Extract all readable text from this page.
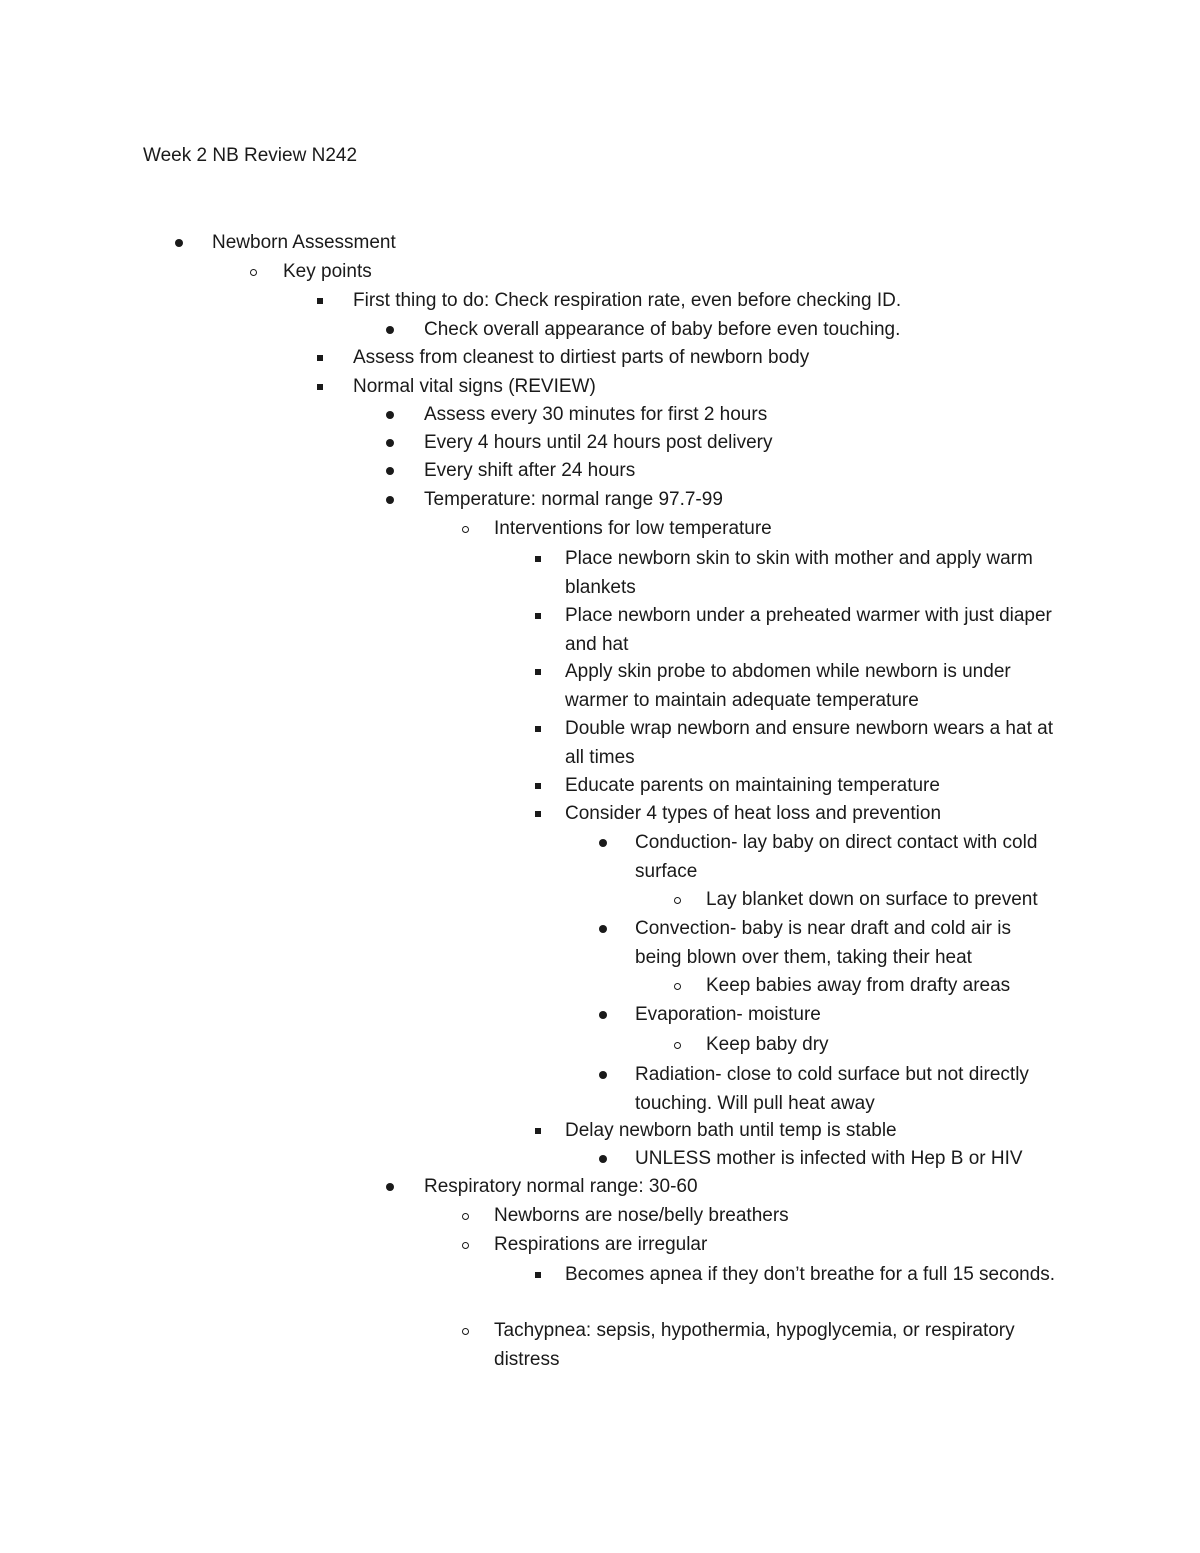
Week 2 NB Review N242
Newborn Assessment
Key points
First thing to do: Check respiration rate, even before checking ID.
Check overall appearance of baby before even touching.
Assess from cleanest to dirtiest parts of newborn body
Normal vital signs (REVIEW)
Assess every 30 minutes for first 2 hours
Every 4 hours until 24 hours post delivery
Every shift after 24 hours
Temperature: normal range 97.7-99
Interventions for low temperature
Place newborn skin to skin with mother and apply warm blankets
Place newborn under a preheated warmer with just diaper and hat
Apply skin probe to abdomen while newborn is under warmer to maintain adequate temperature
Double wrap newborn and ensure newborn wears a hat at all times
Educate parents on maintaining temperature
Consider 4 types of heat loss and prevention
Conduction- lay baby on direct contact with cold surface
Lay blanket down on surface to prevent
Convection- baby is near draft and cold air is being blown over them, taking their heat
Keep babies away from drafty areas
Evaporation- moisture
Keep baby dry
Radiation- close to cold surface but not directly touching. Will pull heat away
Delay newborn bath until temp is stable
UNLESS mother is infected with Hep B or HIV
Respiratory normal range: 30-60
Newborns are nose/belly breathers
Respirations are irregular
Becomes apnea if they don’t breathe for a full 15 seconds.
Tachypnea: sepsis, hypothermia, hypoglycemia, or respiratory distress
